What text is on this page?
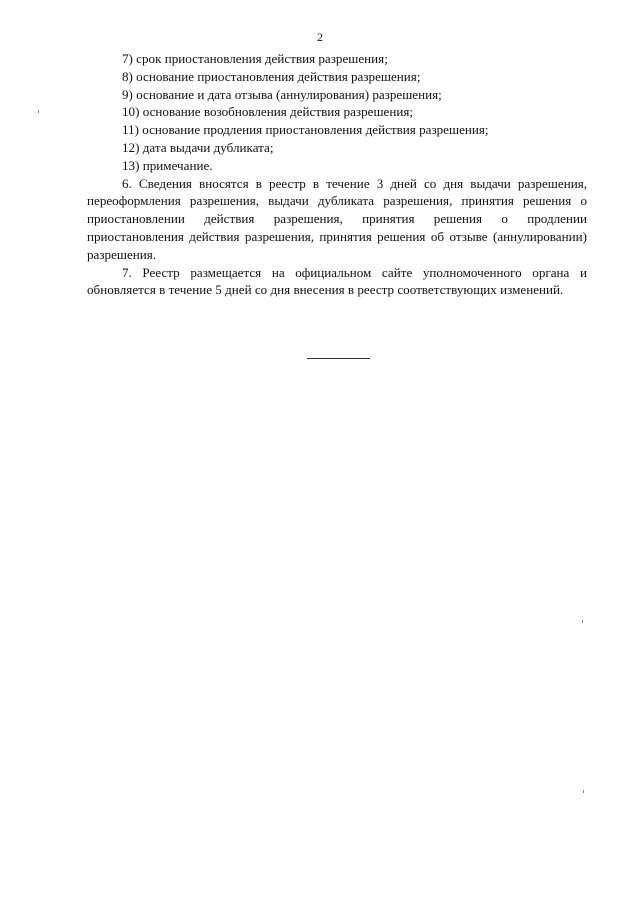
2

7) срок приостановления действия разрешения;

8) основание приостановления действия разрешения;

9) основание и дата отзыва (аннулирования) разрешения;

10) основание возобновления действия разрешения;

11) основание продления приостановления действия разрешения;

12) дата выдачи дубликата;

13) примечание.

6. Сведения вносятся в реестр в течение 3 дней со дня выдачи разрешения, переоформления разрешения, выдачи дубликата разрешения, принятия решения о приостановлении действия разрешения, принятия решения о продлении приостановления действия разрешения, принятия решения об отзыве (аннулировании) разрешения.

7. Реестр размещается на официальном сайте уполномоченного органа и обновляется в течение 5 дней со дня внесения в реестр соответствующих изменений.
